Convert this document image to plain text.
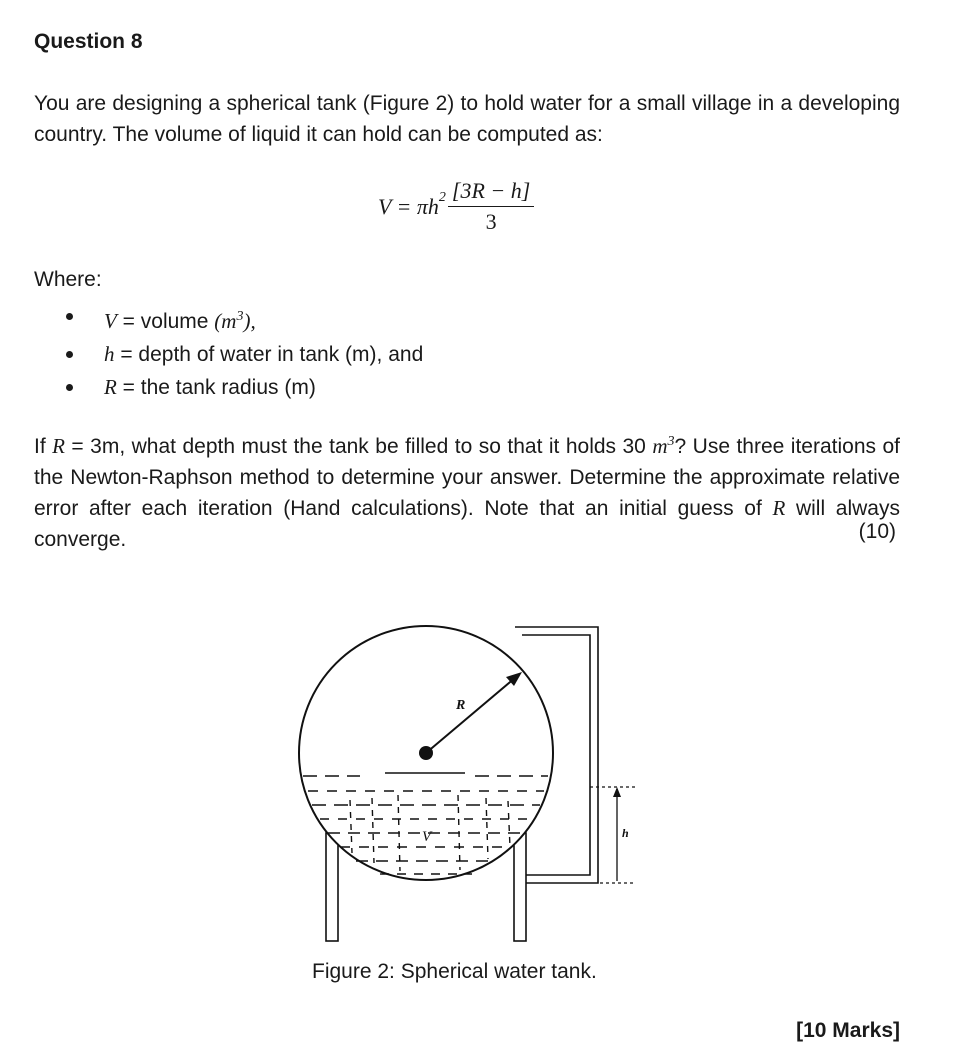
Question 8
You are designing a spherical tank (Figure 2) to hold water for a small village in a developing country. The volume of liquid it can hold can be computed as:
$V = \pi h^2 \frac{[3R - h]}{3}$
Where:
V = volume $(m^3)$,
h = depth of water in tank (m), and
R = the tank radius (m)
If R = 3m, what depth must the tank be filled to so that it holds 30 $m^3$? Use three iterations of the Newton-Raphson method to determine your answer. Determine the approximate relative error after each iteration (Hand calculations). Note that an initial guess of R will always converge.	(10)
R
V	h
Figure 2: Spherical water tank.
[10 Marks]
